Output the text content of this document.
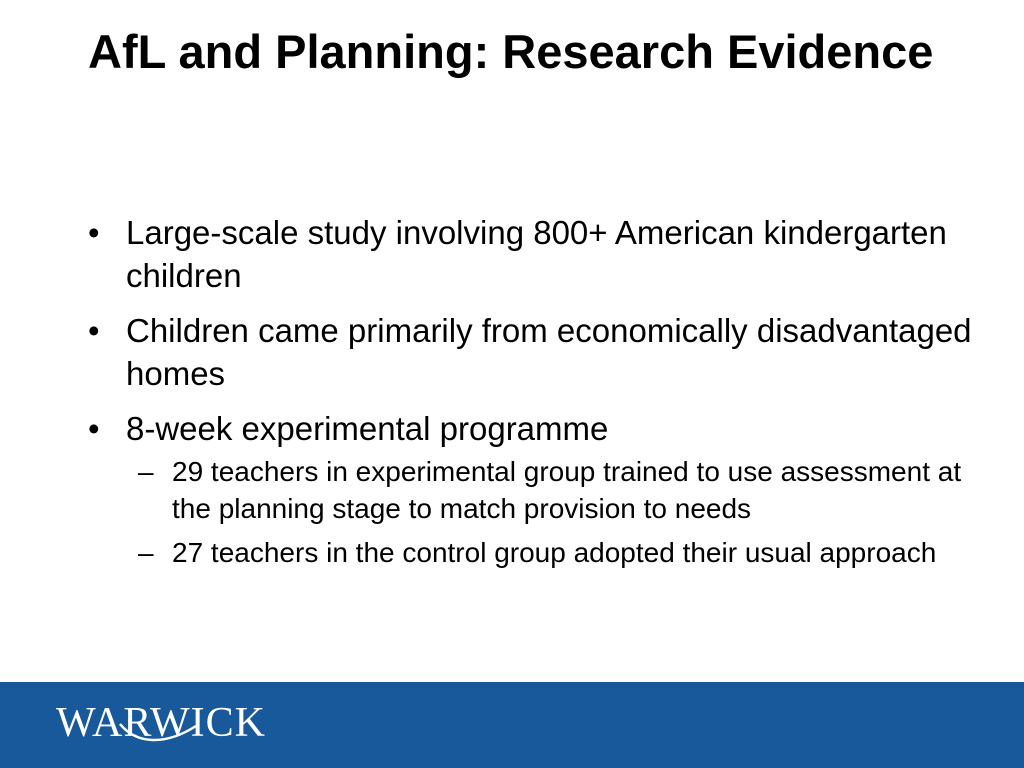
AfL and Planning: Research Evidence
• Large-scale study involving 800+ American kindergarten children
• Children came primarily from economically disadvantaged homes
• 8-week experimental programme
– 29 teachers in experimental group trained to use assessment at the planning stage to match provision to needs
– 27 teachers in the control group adopted their usual approach
WARWICK
